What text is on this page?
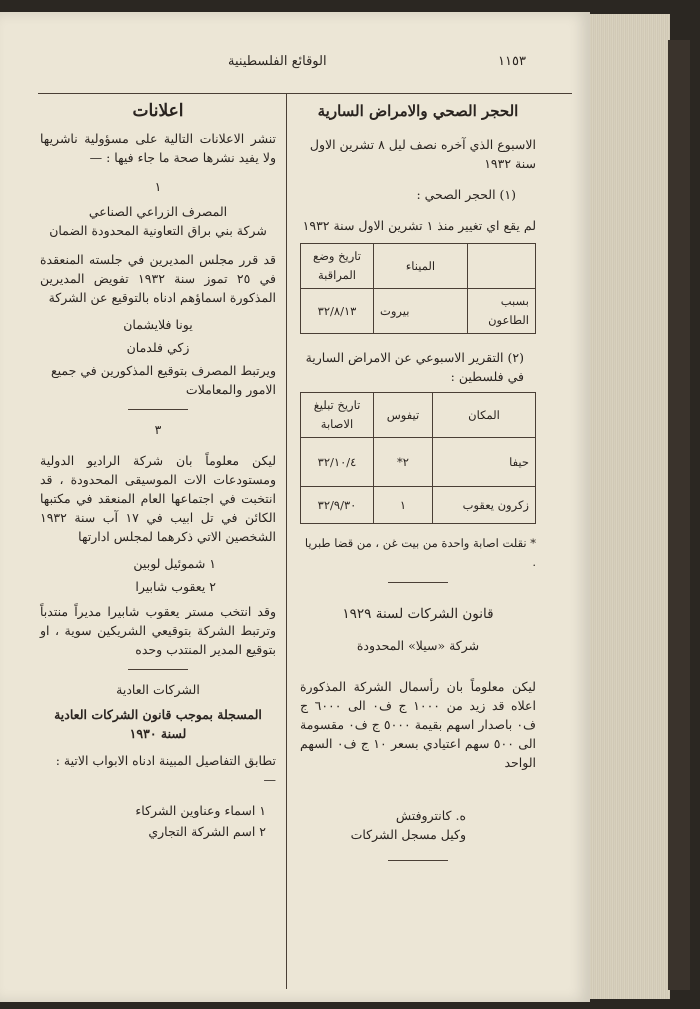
١١٥٣
الوقائع الفلسطينية
الحجر الصحي والامراض السارية
الاسبوع الذي آخره نصف ليل ٨ تشرين الاول سنة ١٩٣٢
(١) الحجر الصحي :
لم يقع اي تغيير منذ ١ تشرين الاول سنة ١٩٣٢
	الميناء	تاريخ وضع المراقبة
بسبب الطاعون	بيروت	٣٢/٨/١٣
(٢) التقرير الاسبوعي عن الامراض السارية في فلسطين :
المكان	تيفوس	تاريخ تبليغ الاصابة
حيفا	٢*	٣٢/١٠/٤
زكرون يعقوب	١	٣٢/٩/٣٠
* نقلت اصابة واحدة من بيت غن ، من قضا طبريا .
قانون الشركات لسنة ١٩٢٩
شركة «سيلا» المحدودة
ليكن معلوماً بان رأسمال الشركة المذكورة اعلاه قد زيد من ١٠٠٠ ج ف٠ الى ٦٠٠٠ ج ف٠ باصدار اسهم بقيمة ٥٠٠٠ ج ف٠ مقسومة الى ٥٠٠ سهم اعتيادي بسعر ١٠ ج ف٠ السهم الواحد
ه. كانتروفتش
وكيل مسجل الشركات
اعلانات
تنشر الاعلانات التالية على مسؤولية ناشريها ولا يفيد نشرها صحة ما جاء فيها : —
١
المصرف الزراعي الصناعي
شركة بني براق التعاونية المحدودة الضمان
قد قرر مجلس المديرين في جلسته المنعقدة في ٢٥ تموز سنة ١٩٣٢ تفويض المديرين المذكورة اسماؤهم ادناه بالتوقيع عن الشركة
يونا فلايشمان
زكي فلدمان
ويرتبط المصرف بتوقيع المذكورين في جميع الامور والمعاملات
٣
ليكن معلوماً بان شركة الراديو الدولية ومستودعات الات الموسيقى المحدودة ، قد انتخبت في اجتماعها العام المنعقد في مكتبها الكائن في تل ابيب في ١٧ آب سنة ١٩٣٢ الشخصين الاتي ذكرهما لمجلس ادارتها
١ شموئيل لوبين
٢ يعقوب شابيرا
وقد انتخب مستر يعقوب شابيرا مديراً منتدباً وترتبط الشركة بتوقيعي الشريكين سوية ، او بتوقيع المدير المنتدب وحده
الشركات العادية
المسجلة بموجب قانون الشركات العادية لسنة ١٩٣٠
تطابق التفاصيل المبينة ادناه الابواب الاتية : —
١ اسماء وعناوين الشركاء
٢ اسم الشركة التجاري
